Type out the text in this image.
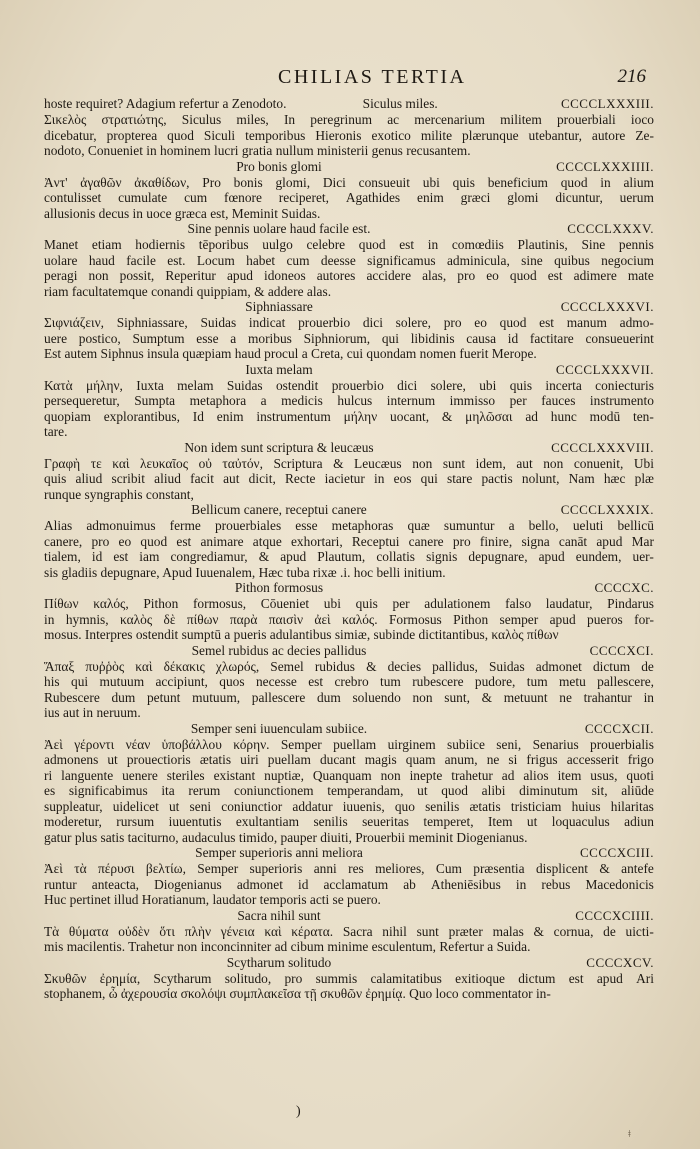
CHILIAS TERTIA	216
hoste requiret? Adagium refertur a Zenodoto.	Siculus miles.	CCCCLXXXIII.
Σικελὸς στρατιώτης, Siculus miles, In peregrinum ac mercenarium militem prouerbiali ioco
dicebatur, propterea quod Siculi temporibus Hieronis exotico milite plærunque utebantur, autore Ze-
nodoto, Conueniet in hominem lucri gratia nullum ministerii genus recusantem.
Pro bonis glomi	CCCCLXXXIIII.
Ἀντ' ἀγαθῶν ἀκαθίδων, Pro bonis glomi, Dici consueuit ubi quis beneficium quod in alium
contulisset cumulate cum fœnore reciperet, Agathides enim græci glomi dicuntur, uerum
allusionis decus in uoce græca est, Meminit Suidas.
Sine pennis uolare haud facile est.	CCCCLXXXV.
Manet etiam hodiernis tēporibus uulgo celebre quod est in comœdiis Plautinis, Sine pennis
uolare haud facile est. Locum habet cum deesse significamus adminicula, sine quibus negocium
peragi non possit, Reperitur apud idoneos autores accidere alas, pro eo quod est adimere mate
riam facultatemque conandi quippiam, & addere alas.
Siphniassare	CCCCLXXXVI.
Σιφνιάζειν, Siphniassare, Suidas indicat prouerbio dici solere, pro eo quod est manum admo-
uere postico, Sumptum esse a moribus Siphniorum, qui libidinis causa id factitare consueuerint
Est autem Siphnus insula quæpiam haud procul a Creta, cui quondam nomen fuerit Merope.
Iuxta melam	CCCCLXXXVII.
Κατὰ μήλην, Iuxta melam Suidas ostendit prouerbio dici solere, ubi quis incerta coniecturis
persequeretur, Sumpta metaphora a medicis hulcus internum immisso per fauces instrumento
quopiam explorantibus, Id enim instrumentum μήλην uocant, & μηλῶσαι ad hunc modū ten-
tare.
Non idem sunt scriptura & leucæus	CCCCLXXXVIII.
Γραφὴ τε καὶ λευκαῖος οὐ ταὐτόν, Scriptura & Leucæus non sunt idem, aut non conuenit, Ubi
quis aliud scribit aliud facit aut dicit, Recte iacietur in eos qui stare pactis nolunt, Nam hæc plæ
runque syngraphis constant,
Bellicum canere, receptui canere	CCCCLXXXIX.
Alias admonuimus ferme prouerbiales esse metaphoras quæ sumuntur a bello, ueluti bellicū
canere, pro eo quod est animare atque exhortari, Receptui canere pro finire, signa canāt apud Mar
tialem, id est iam congrediamur, & apud Plautum, collatis signis depugnare, apud eundem, uer-
sis gladiis depugnare, Apud Iuuenalem, Hæc tuba rixæ .i. hoc belli initium.
Pithon formosus	CCCCXC.
Πίθων καλός, Pithon formosus, Cōueniet ubi quis per adulationem falso laudatur, Pindarus
in hymnis, καλὸς δὲ πίθων παρὰ παισὶν ἀεὶ καλός. Formosus Pithon semper apud pueros for-
mosus. Interpres ostendit sumptū a pueris adulantibus simiæ, subinde dictitantibus, καλὸς πίθων
Semel rubidus ac decies pallidus	CCCCXCI.
Ἅπαξ πυῤῥὸς καὶ δέκακις χλωρός, Semel rubidus & decies pallidus, Suidas admonet dictum de
his qui mutuum accipiunt, quos necesse est crebro tum rubescere pudore, tum metu pallescere,
Rubescere dum petunt mutuum, pallescere dum soluendo non sunt, & metuunt ne trahantur in
ius aut in neruum.
Semper seni iuuenculam subiice.	CCCCXCII.
Ἀεὶ γέροντι νέαν ὑποβάλλου κόρην. Semper puellam uirginem subiice seni, Senarius prouerbialis
admonens ut prouectioris ætatis uiri puellam ducant magis quam anum, ne si frigus accesserit frigo
ri languente uenere steriles existant nuptiæ, Quanquam non inepte trahetur ad alios item usus, quoti
es significabimus ita rerum coniunctionem temperandam, ut quod alibi diminutum sit, aliūde
suppleatur, uidelicet ut seni coniunctior addatur iuuenis, quo senilis ætatis tristiciam huius hilaritas
moderetur, rursum iuuentutis exultantiam senilis seueritas temperet, Item ut loquaculus adiun
gatur plus satis taciturno, audaculus timido, pauper diuiti, Prouerbii meminit Diogenianus.
Semper superioris anni meliora	CCCCXCIII.
Ἀεὶ τὰ πέρυσι βελτίω, Semper superioris anni res meliores, Cum præsentia displicent & antefe
runtur anteacta, Diogenianus admonet id acclamatum ab Atheniēsibus in rebus Macedonicis
Huc pertinet illud Horatianum, laudator temporis acti se puero.
Sacra nihil sunt	CCCCXCIIII.
Τὰ θύματα οὐδὲν ὅτι πλὴν γένεια καὶ κέρατα. Sacra nihil sunt præter malas & cornua, de uicti-
mis macilentis. Trahetur non inconcinniter ad cibum minime esculentum, Refertur a Suida.
Scytharum solitudo	CCCCXCV.
Σκυθῶν ἐρημία, Scytharum solitudo, pro summis calamitatibus exitioque dictum est apud Ari
stophanem, ὦ ἀχερουσία σκολόψι συμπλακεῖσα τῇ σκυθῶν ἐρημίᾳ. Quo loco commentator in-
)
ǂ
